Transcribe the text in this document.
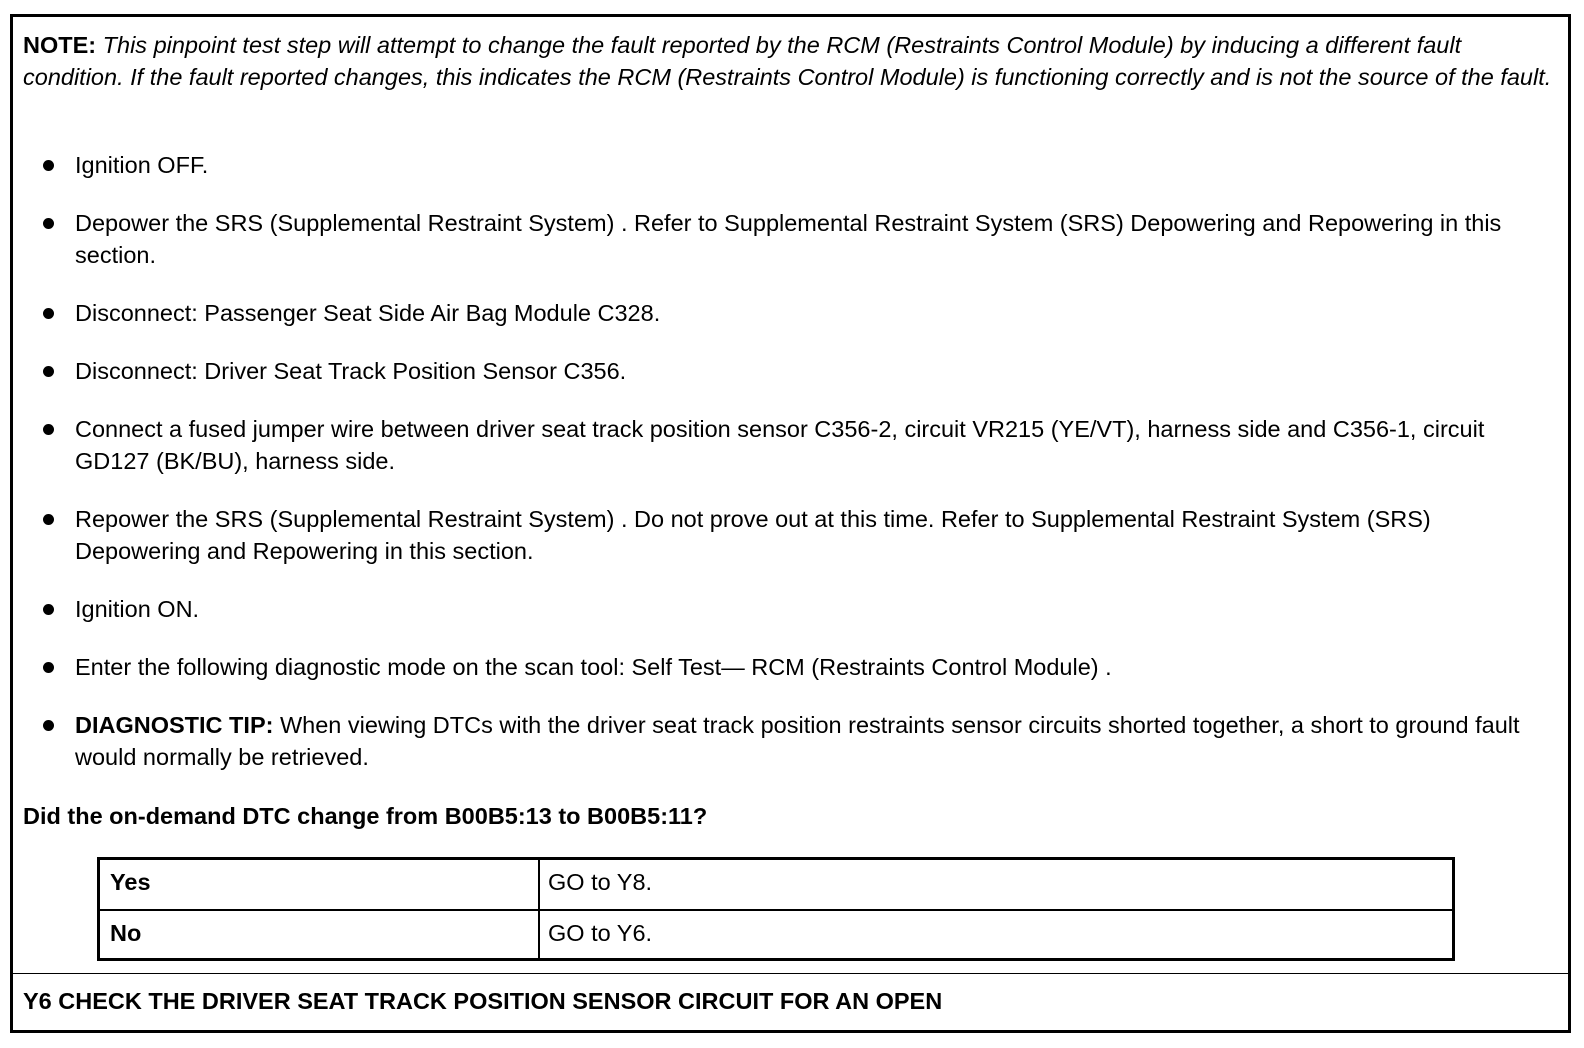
NOTE: This pinpoint test step will attempt to change the fault reported by the RCM (Restraints Control Module) by inducing a different fault condition. If the fault reported changes, this indicates the RCM (Restraints Control Module) is functioning correctly and is not the source of the fault.
Ignition OFF.
Depower the SRS (Supplemental Restraint System) . Refer to Supplemental Restraint System (SRS) Depowering and Repowering in this section.
Disconnect: Passenger Seat Side Air Bag Module C328.
Disconnect: Driver Seat Track Position Sensor C356.
Connect a fused jumper wire between driver seat track position sensor C356-2, circuit VR215 (YE/VT), harness side and C356-1, circuit GD127 (BK/BU), harness side.
Repower the SRS (Supplemental Restraint System) . Do not prove out at this time. Refer to Supplemental Restraint System (SRS) Depowering and Repowering in this section.
Ignition ON.
Enter the following diagnostic mode on the scan tool: Self Test— RCM (Restraints Control Module) .
DIAGNOSTIC TIP: When viewing DTCs with the driver seat track position restraints sensor circuits shorted together, a short to ground fault would normally be retrieved.
Did the on-demand DTC change from B00B5:13 to B00B5:11?
Yes	GO to Y8.
No	GO to Y6.
Y6 CHECK THE DRIVER SEAT TRACK POSITION SENSOR CIRCUIT FOR AN OPEN
